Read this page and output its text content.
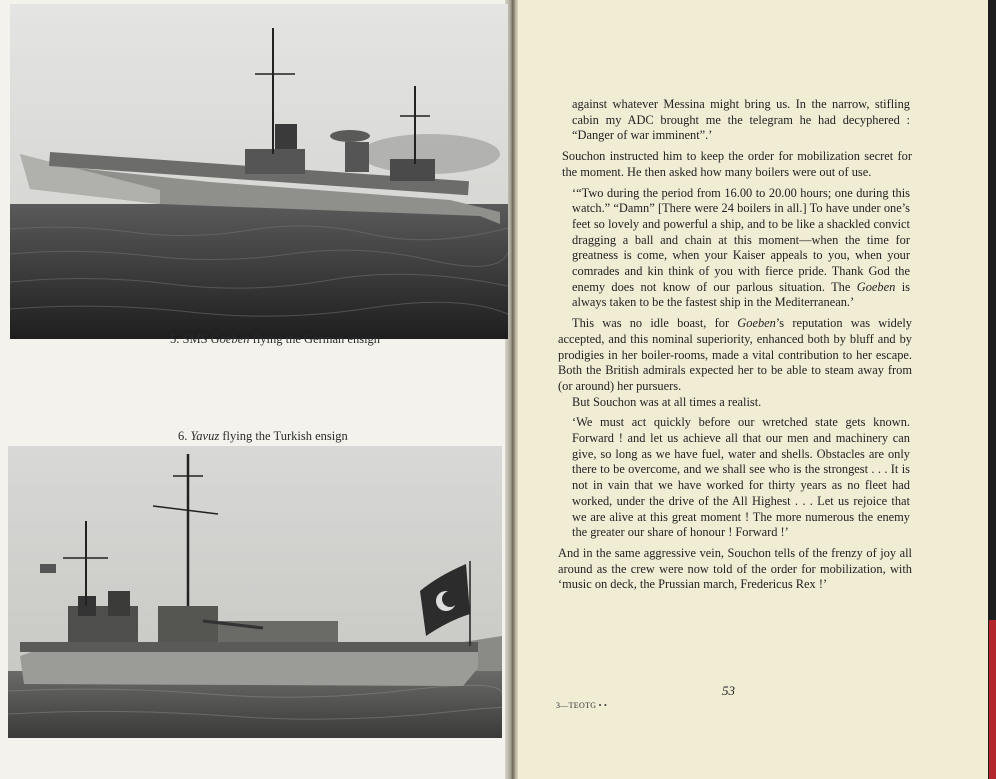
5. SMS Goeben flying the German ensign
6. Yavuz flying the Turkish ensign

against whatever Messina might bring us. In the narrow, stifling cabin my ADC brought me the telegram he had decyphered : “Danger of war imminent”.’

Souchon instructed him to keep the order for mobilization secret for the moment. He then asked how many boilers were out of use.

‘“Two during the period from 16.00 to 20.00 hours; one during this watch.” “Damn” [There were 24 boilers in all.] To have under one’s feet so lovely and powerful a ship, and to be like a shackled convict dragging a ball and chain at this moment—when the time for greatness is come, when your Kaiser appeals to you, when your comrades and kin think of you with fierce pride. Thank God the enemy does not know of our parlous situation. The Goeben is always taken to be the fastest ship in the Mediterranean.’

This was no idle boast, for Goeben’s reputation was widely accepted, and this nominal superiority, enhanced both by bluff and by prodigies in her boiler-rooms, made a vital contribution to her escape. Both the British admirals expected her to be able to steam away from (or around) her pursuers.

But Souchon was at all times a realist.

‘We must act quickly before our wretched state gets known. Forward ! and let us achieve all that our men and machinery can give, so long as we have fuel, water and shells. Obstacles are only there to be overcome, and we shall see who is the strongest . . . It is not in vain that we have worked for thirty years as no fleet had worked, under the drive of the All Highest . . . Let us rejoice that we are alive at this great moment ! The more numerous the enemy the greater our share of honour ! Forward !’

And in the same aggressive vein, Souchon tells of the frenzy of joy all around as the crew were now told of the order for mobilization, with ‘music on deck, the Prussian march, Fredericus Rex !’

53
3—TEOTG • •
